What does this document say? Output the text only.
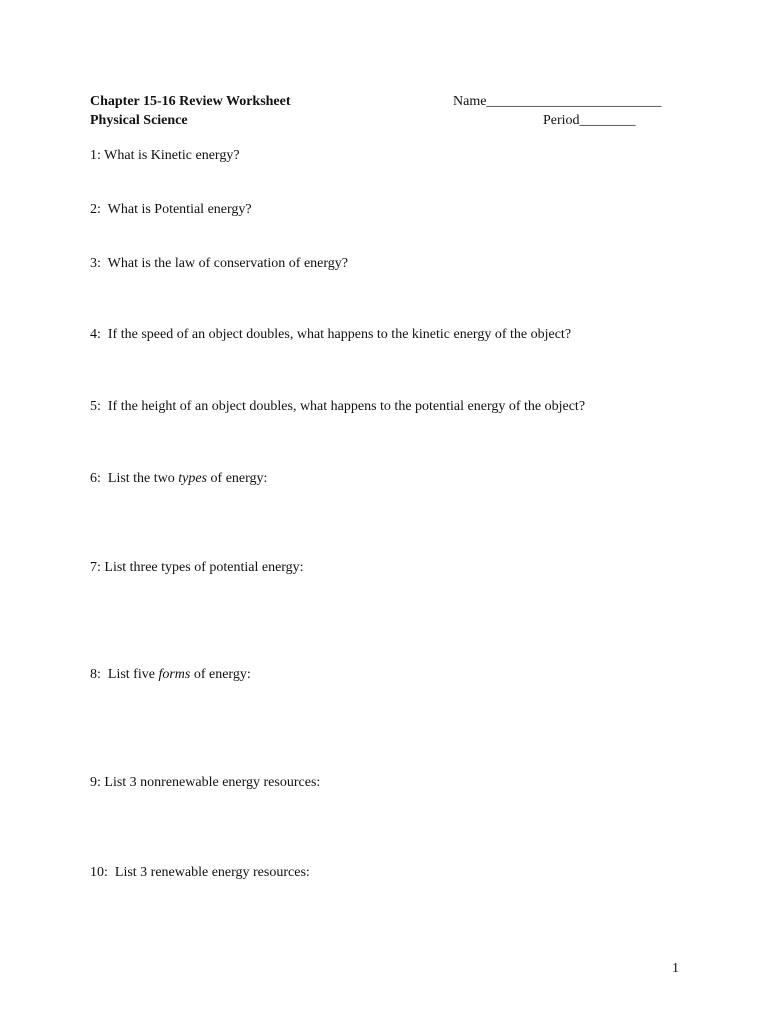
Chapter 15-16 Review Worksheet
Physical Science
Name_________________________
Period________
1: What is Kinetic energy?
2:  What is Potential energy?
3:  What is the law of conservation of energy?
4:  If the speed of an object doubles, what happens to the kinetic energy of the object?
5:  If the height of an object doubles, what happens to the potential energy of the object?
6:  List the two types of energy:
7: List three types of potential energy:
8:  List five forms of energy:
9: List 3 nonrenewable energy resources:
10:  List 3 renewable energy resources:
1
